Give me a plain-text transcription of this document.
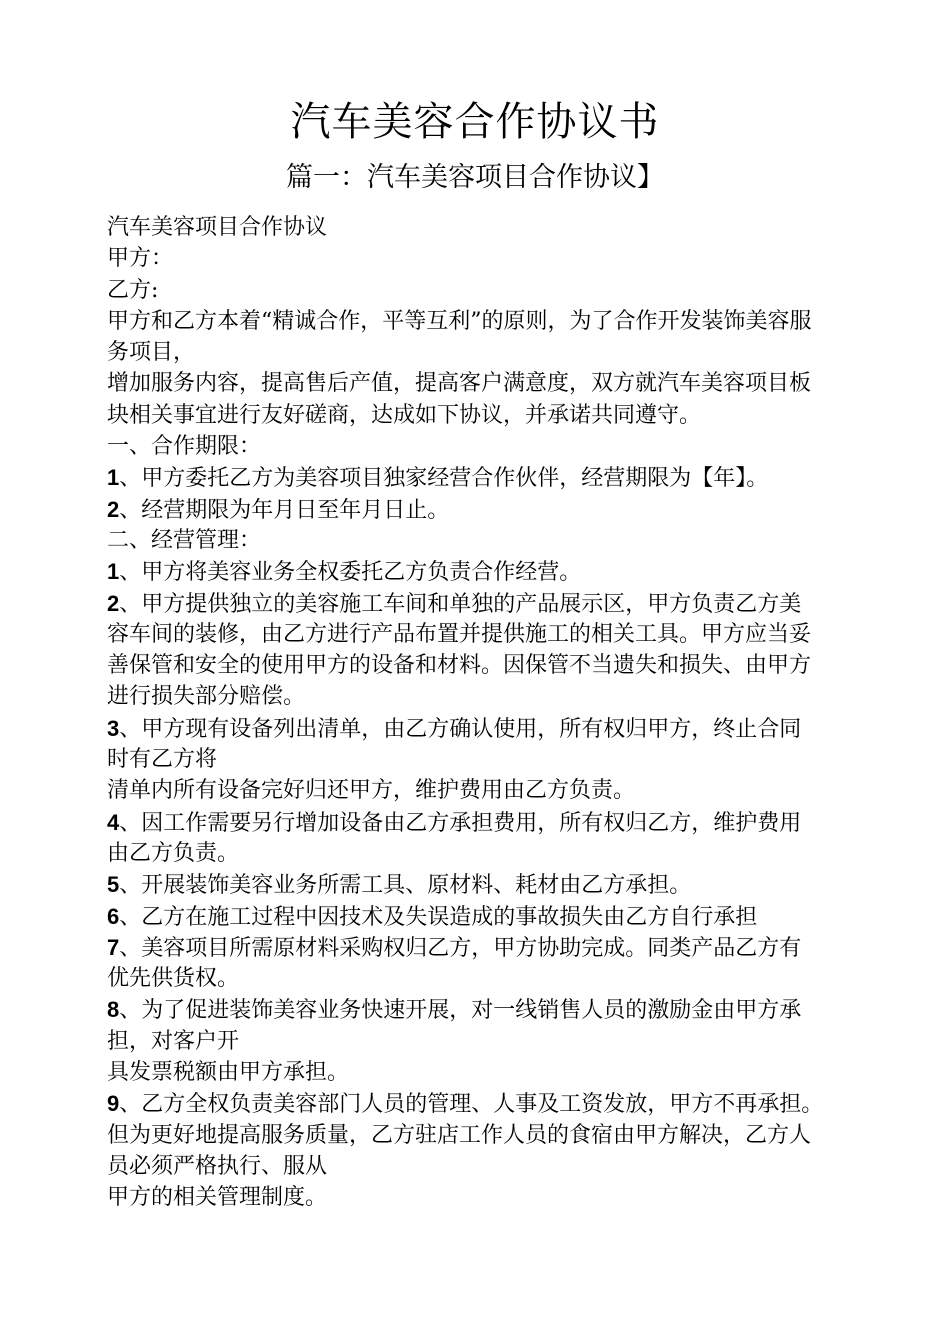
汽车美容合作协议书
篇一：汽车美容项目合作协议】
汽车美容项目合作协议
甲方：
乙方:
甲方和乙方本着“精诚合作，平等互利”的原则，为了合作开发装饰美容服
务项目，
增加服务内容，提高售后产值，提高客户满意度，双方就汽车美容项目板
块相关事宜进行友好磋商，达成如下协议，并承诺共同遵守。
一、合作期限：
1、甲方委托乙方为美容项目独家经营合作伙伴，经营期限为【年】。
2、经营期限为年月日至年月日止。
二、经营管理：
1、甲方将美容业务全权委托乙方负责合作经营。
2、甲方提供独立的美容施工车间和单独的产品展示区，甲方负责乙方美
容车间的装修，由乙方进行产品布置并提供施工的相关工具。甲方应当妥
善保管和安全的使用甲方的设备和材料。因保管不当遗失和损失、由甲方
进行损失部分赔偿。
3、甲方现有设备列出清单，由乙方确认使用，所有权归甲方，终止合同
时有乙方将
清单内所有设备完好归还甲方，维护费用由乙方负责。
4、因工作需要另行增加设备由乙方承担费用，所有权归乙方，维护费用
由乙方负责。
5、开展装饰美容业务所需工具、原材料、耗材由乙方承担。
6、乙方在施工过程中因技术及失误造成的事故损失由乙方自行承担
7、美容项目所需原材料采购权归乙方，甲方协助完成。同类产品乙方有
优先供货权。
8、为了促进装饰美容业务快速开展，对一线销售人员的激励金由甲方承
担，对客户开
具发票税额由甲方承担。
9、乙方全权负责美容部门人员的管理、人事及工资发放，甲方不再承担。
但为更好地提高服务质量，乙方驻店工作人员的食宿由甲方解决，乙方人
员必须严格执行、服从
甲方的相关管理制度。
